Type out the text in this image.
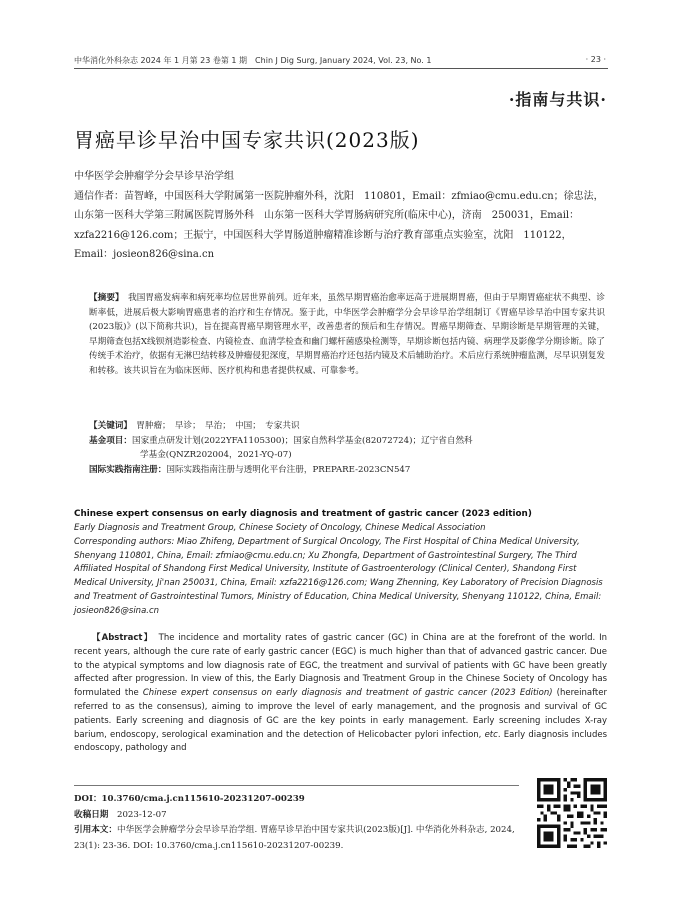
中华消化外科杂志 2024 年 1 月第 23 卷第 1 期　Chin J Dig Surg, January 2024, Vol. 23, No. 1	· 23 ·
·指南与共识·
胃癌早诊早治中国专家共识(2023版)

中华医学会肿瘤学分会早诊早治学组

通信作者：苗智峰，中国医科大学附属第一医院肿瘤外科，沈阳　110801，Email：zfmiao@cmu.edu.cn；徐忠法，山东第一医科大学第三附属医院胃肠外科　山东第一医科大学胃肠病研究所(临床中心)，济南　250031，Email：xzfa2216@126.com；王振宁，中国医科大学胃肠道肿瘤精准诊断与治疗教育部重点实验室，沈阳　110122，Email：josieon826@sina.cn

【摘要】　我国胃癌发病率和病死率均位居世界前列。近年来，虽然早期胃癌治愈率远高于进展期胃癌，但由于早期胃癌症状不典型、诊断率低，进展后极大影响胃癌患者的治疗和生存情况。鉴于此，中华医学会肿瘤学分会早诊早治学组制订《胃癌早诊早治中国专家共识(2023版)》(以下简称共识)，旨在提高胃癌早期管理水平，改善患者的预后和生存情况。胃癌早期筛查、早期诊断是早期管理的关键，早期筛查包括X线钡剂造影检查、内镜检查、血清学检查和幽门螺杆菌感染检测等，早期诊断包括内镜、病理学及影像学分期诊断。除了传统手术治疗，依据有无淋巴结转移及肿瘤侵犯深度，早期胃癌治疗还包括内镜及术后辅助治疗。术后应行系统肿瘤监测，尽早识别复发和转移。该共识旨在为临床医师、医疗机构和患者提供权威、可靠参考。

【关键词】　胃肿瘤；　早诊；　早治；　中国；　专家共识

基金项目：国家重点研发计划(2022YFA1105300)；国家自然科学基金(82072724)；辽宁省自然科

学基金(QNZR202004，2021-YQ-07)

国际实践指南注册：国际实践指南注册与透明化平台注册，PREPARE-2023CN547

Chinese expert consensus on early diagnosis and treatment of gastric cancer (2023 edition)

Early Diagnosis and Treatment Group, Chinese Society of Oncology, Chinese Medical Association

Corresponding authors: Miao Zhifeng, Department of Surgical Oncology, The First Hospital of China Medical University, Shenyang 110801, China, Email: zfmiao@cmu.edu.cn; Xu Zhongfa, Department of Gastrointestinal Surgery, The Third Affiliated Hospital of Shandong First Medical University, Institute of Gastroenterology (Clinical Center), Shandong First Medical University, Ji'nan 250031, China, Email: xzfa2216@126.com; Wang Zhenning, Key Laboratory of Precision Diagnosis and Treatment of Gastrointestinal Tumors, Ministry of Education, China Medical University, Shenyang 110122, China, Email: josieon826@sina.cn

【Abstract】　The incidence and mortality rates of gastric cancer (GC) in China are at the forefront of the world. In recent years, although the cure rate of early gastric cancer (EGC) is much higher than that of advanced gastric cancer. Due to the atypical symptoms and low diagnosis rate of EGC, the treatment and survival of patients with GC have been greatly affected after progression. In view of this, the Early Diagnosis and Treatment Group in the Chinese Society of Oncology has formulated the Chinese expert consensus on early diagnosis and treatment of gastric cancer (2023 Edition) (hereinafter referred to as the consensus), aiming to improve the level of early management, and the prognosis and survival of GC patients. Early screening and diagnosis of GC are the key points in early management. Early screening includes X-ray barium, endoscopy, serological examination and the detection of Helicobacter pylori infection, etc. Early diagnosis includes endoscopy, pathology and

DOI：10.3760/cma.j.cn115610-20231207-00239

收稿日期　2023-12-07

引用本文：中华医学会肿瘤学分会早诊早治学组. 胃癌早诊早治中国专家共识(2023版)[J]. 中华消化外科杂志, 2024, 23(1): 23-36. DOI: 10.3760/cma.j.cn115610-20231207-00239.
